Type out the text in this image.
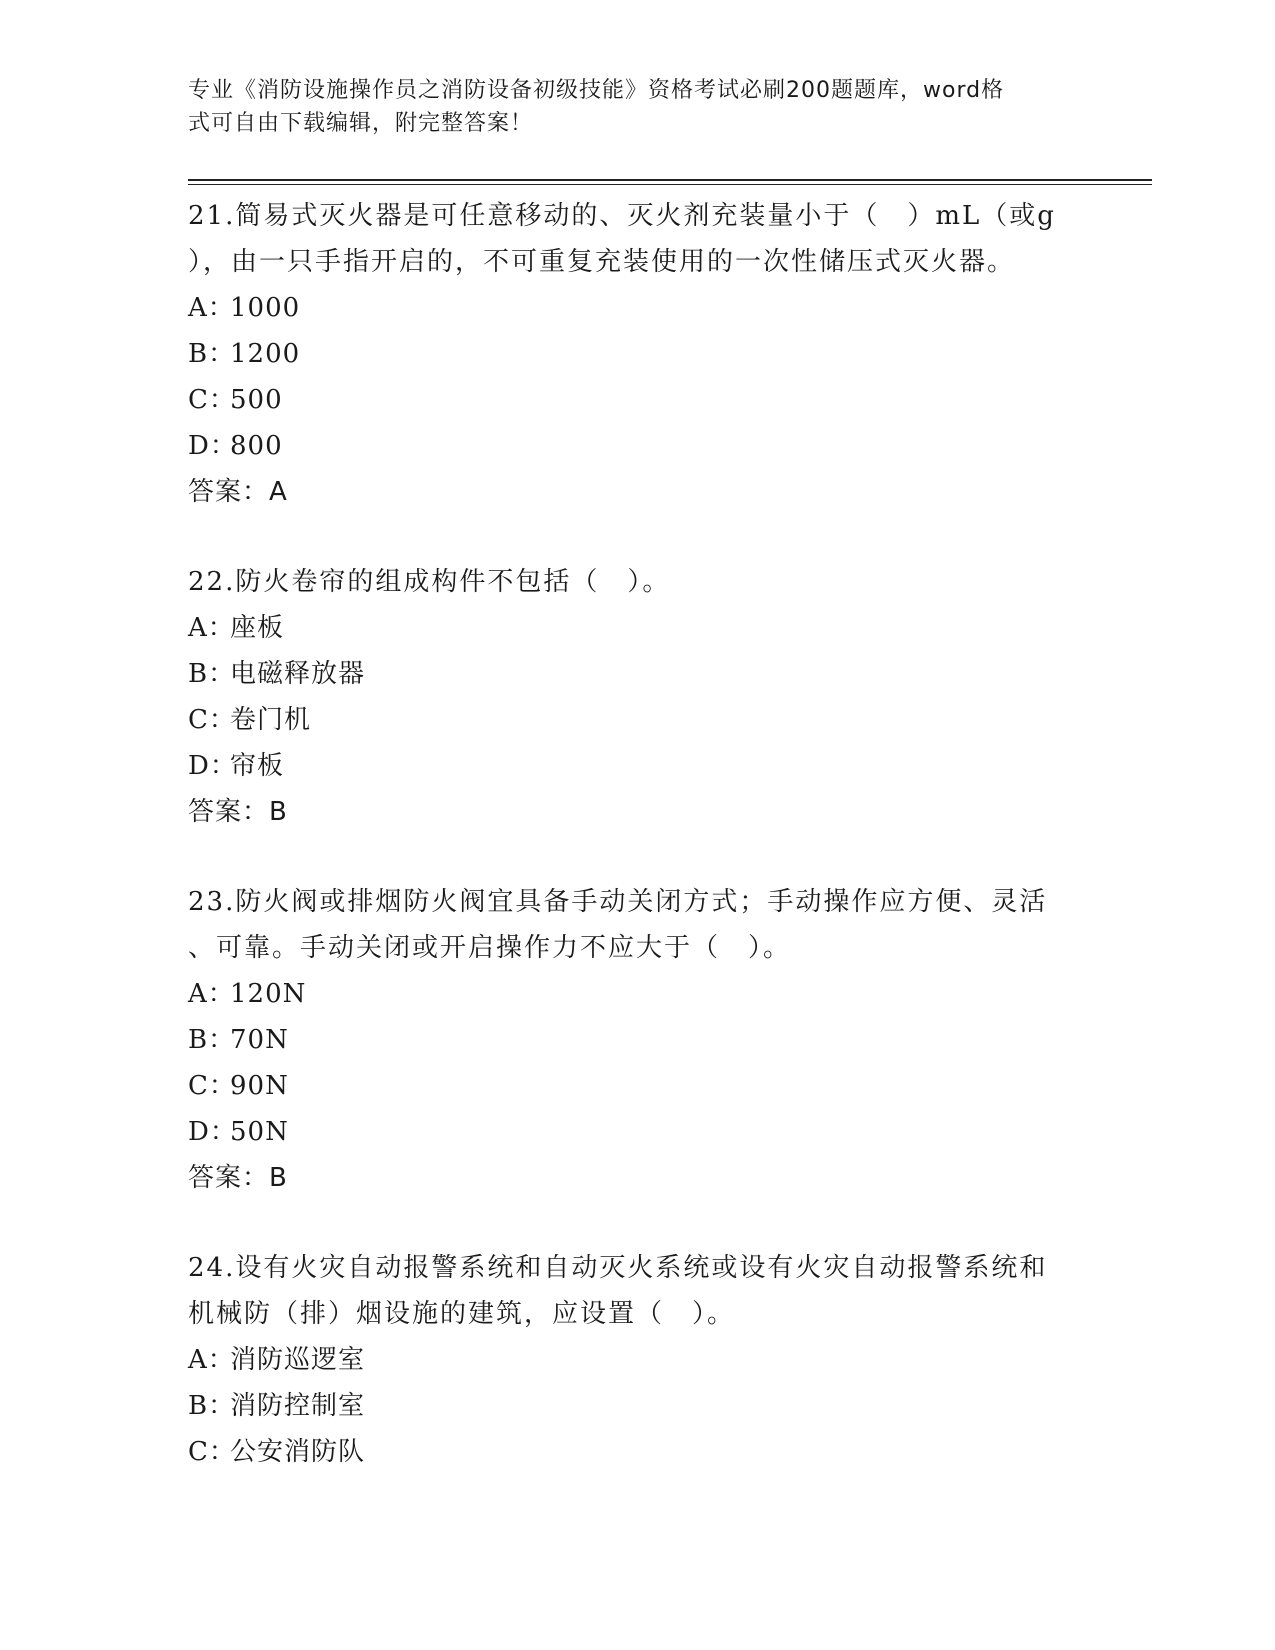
专业《消防设施操作员之消防设备初级技能》资格考试必刷200题题库，word格
式可自由下载编辑，附完整答案！
21.简易式灭火器是可任意移动的、灭火剂充装量小于（　）mL（或g
），由一只手指开启的，不可重复充装使用的一次性储压式灭火器。
A：1000
B：1200
C：500
D：800
答案：A
22.防火卷帘的组成构件不包括（　）。
A：座板
B：电磁释放器
C：卷门机
D：帘板
答案：B
23.防火阀或排烟防火阀宜具备手动关闭方式；手动操作应方便、灵活
、可靠。手动关闭或开启操作力不应大于（　）。
A：120N
B：70N
C：90N
D：50N
答案：B
24.设有火灾自动报警系统和自动灭火系统或设有火灾自动报警系统和
机械防（排）烟设施的建筑，应设置（　）。
A：消防巡逻室
B：消防控制室
C：公安消防队
